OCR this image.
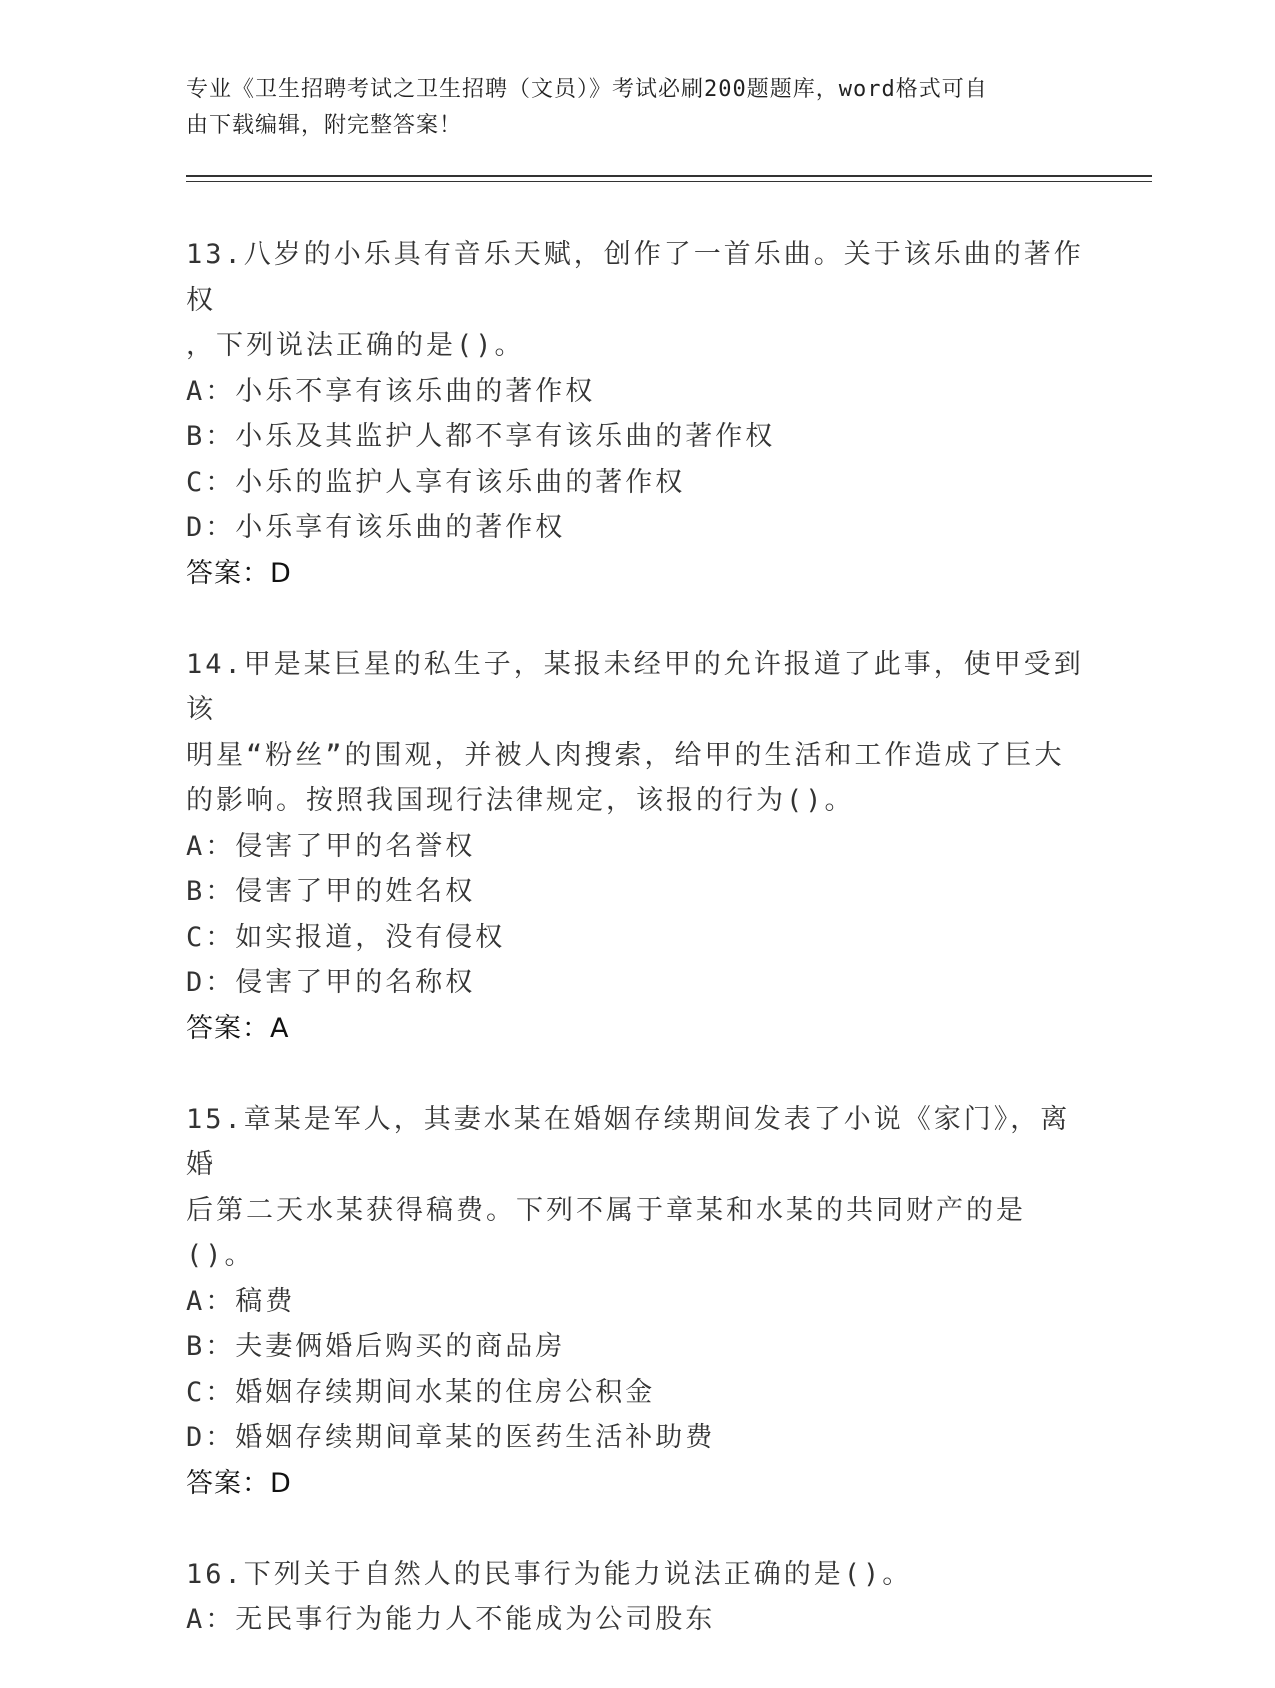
专业《卫生招聘考试之卫生招聘（文员）》考试必刷200题题库，word格式可自
由下载编辑，附完整答案！
13.八岁的小乐具有音乐天赋，创作了一首乐曲。关于该乐曲的著作权
，下列说法正确的是()。
A：小乐不享有该乐曲的著作权
B：小乐及其监护人都不享有该乐曲的著作权
C：小乐的监护人享有该乐曲的著作权
D：小乐享有该乐曲的著作权
答案：D
14.甲是某巨星的私生子，某报未经甲的允许报道了此事，使甲受到该
明星“粉丝”的围观，并被人肉搜索，给甲的生活和工作造成了巨大
的影响。按照我国现行法律规定，该报的行为()。
A：侵害了甲的名誉权
B：侵害了甲的姓名权
C：如实报道，没有侵权
D：侵害了甲的名称权
答案：A
15.章某是军人，其妻水某在婚姻存续期间发表了小说《家门》，离婚
后第二天水某获得稿费。下列不属于章某和水某的共同财产的是()。
A：稿费
B：夫妻俩婚后购买的商品房
C：婚姻存续期间水某的住房公积金
D：婚姻存续期间章某的医药生活补助费
答案：D
16.下列关于自然人的民事行为能力说法正确的是()。
A：无民事行为能力人不能成为公司股东
